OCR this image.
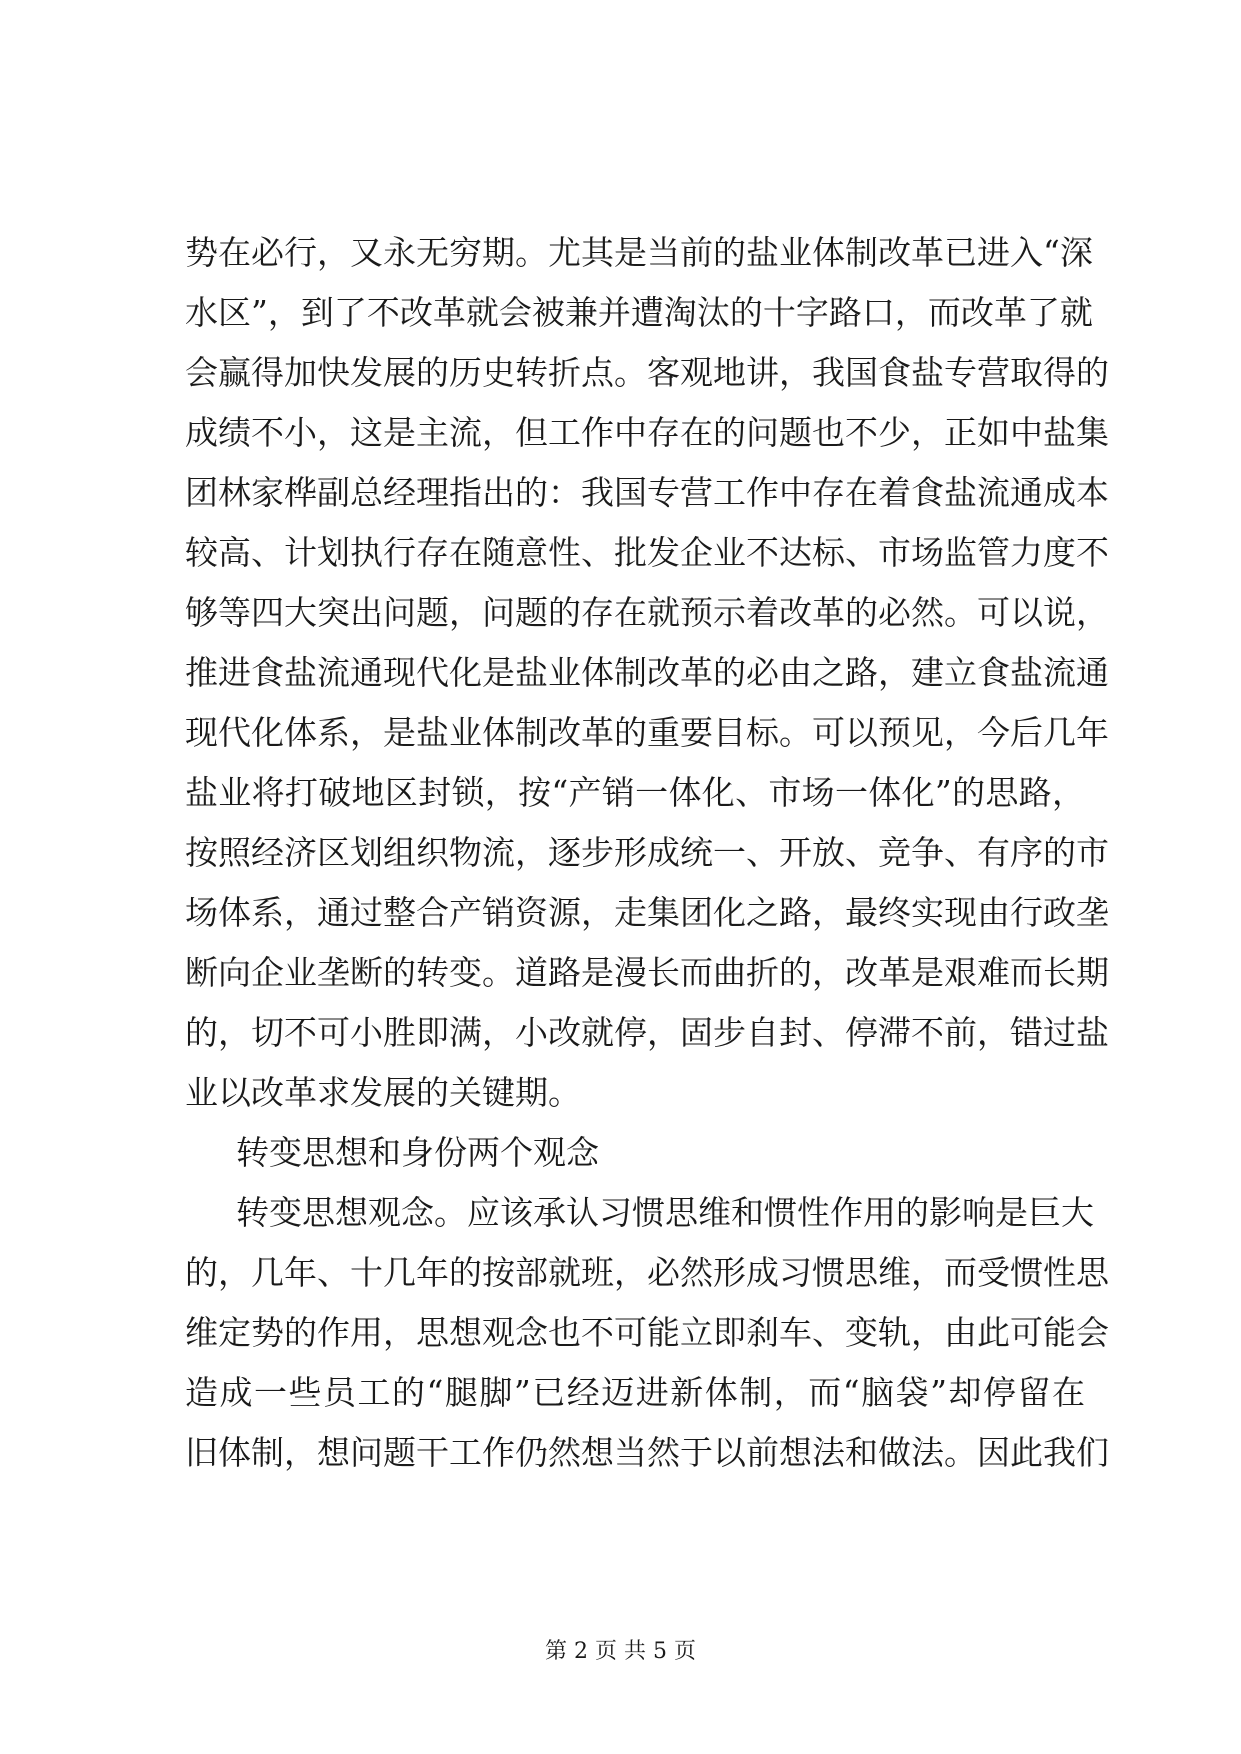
势在必行，又永无穷期。尤其是当前的盐业体制改革已进入“深
水区”，到了不改革就会被兼并遭淘汰的十字路口，而改革了就
会赢得加快发展的历史转折点。客观地讲，我国食盐专营取得的
成绩不小，这是主流，但工作中存在的问题也不少，正如中盐集
团林家桦副总经理指出的：我国专营工作中存在着食盐流通成本
较高、计划执行存在随意性、批发企业不达标、市场监管力度不
够等四大突出问题，问题的存在就预示着改革的必然。可以说，
推进食盐流通现代化是盐业体制改革的必由之路，建立食盐流通
现代化体系，是盐业体制改革的重要目标。可以预见，今后几年
盐业将打破地区封锁，按“产销一体化、市场一体化”的思路，
按照经济区划组织物流，逐步形成统一、开放、竞争、有序的市
场体系，通过整合产销资源，走集团化之路，最终实现由行政垄
断向企业垄断的转变。道路是漫长而曲折的，改革是艰难而长期
的，切不可小胜即满，小改就停，固步自封、停滞不前，错过盐
业以改革求发展的关键期。
转变思想和身份两个观念
转变思想观念。应该承认习惯思维和惯性作用的影响是巨大
的，几年、十几年的按部就班，必然形成习惯思维，而受惯性思
维定势的作用，思想观念也不可能立即刹车、变轨，由此可能会
造成一些员工的“腿脚”已经迈进新体制，而“脑袋”却停留在
旧体制，想问题干工作仍然想当然于以前想法和做法。因此我们
第 2 页 共 5 页
